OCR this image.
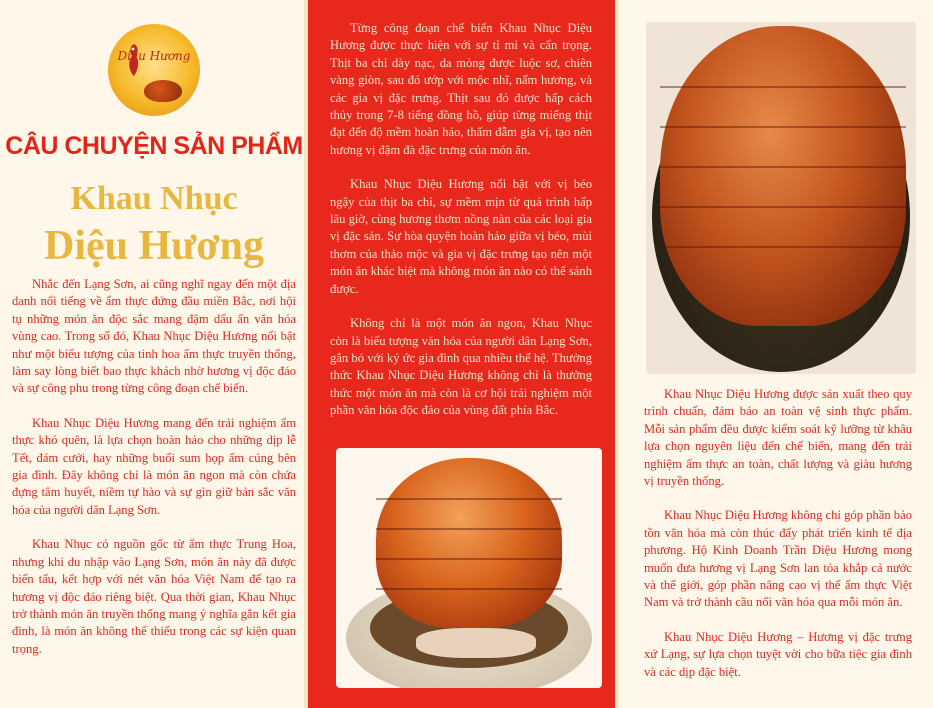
Diệu Hương
CÂU CHUYỆN SẢN PHẨM
Khau Nhục
Diệu Hương

Nhắc đến Lạng Sơn, ai cũng nghĩ ngay đến một địa danh nổi tiếng về ẩm thực đứng đầu miền Bắc, nơi hội tụ những món ăn độc sắc mang đậm dấu ấn văn hóa vùng cao. Trong số đó, Khau Nhục Diệu Hương nổi bật như một biểu tượng của tinh hoa ẩm thực truyền thống, làm say lòng biết bao thực khách nhờ hương vị độc đáo và sự công phu trong từng công đoạn chế biến.

Khau Nhục Diệu Hương mang đến trải nghiệm ẩm thực khó quên, là lựa chọn hoàn hảo cho những dịp lễ Tết, đám cưới, hay những buổi sum họp ấm cúng bên gia đình. Đây không chỉ là món ăn ngon mà còn chứa đựng tâm huyết, niềm tự hào và sự gìn giữ bản sắc văn hóa của người dân Lạng Sơn.

Khau Nhục có nguồn gốc từ ẩm thực Trung Hoa, nhưng khi du nhập vào Lạng Sơn, món ăn này đã được biến tấu, kết hợp với nét văn hóa Việt Nam để tạo ra hương vị độc đáo riêng biệt. Qua thời gian, Khau Nhục trở thành món ăn truyền thống mang ý nghĩa gắn kết gia đình, là món ăn không thể thiếu trong các sự kiện quan trọng.

Từng công đoạn chế biến Khau Nhục Diệu Hương được thực hiện với sự tỉ mỉ và cẩn trọng. Thịt ba chỉ dày nạc, da mỏng được luộc sơ, chiên vàng giòn, sau đó ướp với mộc nhĩ, nấm hương, và các gia vị đặc trưng. Thịt sau đó được hấp cách thủy trong 7-8 tiếng đồng hồ, giúp từng miếng thịt đạt đến độ mềm hoàn hảo, thấm đẫm gia vị, tạo nên hương vị đậm đà đặc trưng của món ăn.

Khau Nhục Diệu Hương nổi bật với vị béo ngậy của thịt ba chỉ, sự mềm mịn từ quá trình hấp lâu giờ, cùng hương thơm nồng nàn của các loại gia vị đặc sản. Sự hòa quyện hoàn hảo giữa vị béo, mùi thơm của thảo mộc và gia vị đặc trưng tạo nên một món ăn khác biệt mà không món ăn nào có thể sánh được.

Không chỉ là một món ăn ngon, Khau Nhục còn là biểu tượng văn hóa của người dân Lạng Sơn, gắn bó với ký ức gia đình qua nhiều thế hệ. Thưởng thức Khau Nhục Diệu Hương không chỉ là thưởng thức một món ăn mà còn là cơ hội trải nghiệm một phần văn hóa độc đáo của vùng đất phía Bắc.

Khau Nhục Diệu Hương được sản xuất theo quy trình chuẩn, đảm bảo an toàn vệ sinh thực phẩm. Mỗi sản phẩm đều được kiểm soát kỹ lưỡng từ khâu lựa chọn nguyên liệu đến chế biến, mang đến trải nghiệm ẩm thực an toàn, chất lượng và giàu hương vị truyền thống.

Khau Nhục Diệu Hương không chỉ góp phần bảo tồn văn hóa mà còn thúc đẩy phát triển kinh tế địa phương. Hộ Kinh Doanh Trần Diệu Hương mong muốn đưa hương vị Lạng Sơn lan tỏa khắp cả nước và thế giới, góp phần nâng cao vị thế ẩm thực Việt Nam và trở thành cầu nối văn hóa qua mỗi món ăn.

Khau Nhục Diệu Hương – Hương vị đặc trưng xứ Lạng, sự lựa chọn tuyệt vời cho bữa tiệc gia đình và các dịp đặc biệt.
